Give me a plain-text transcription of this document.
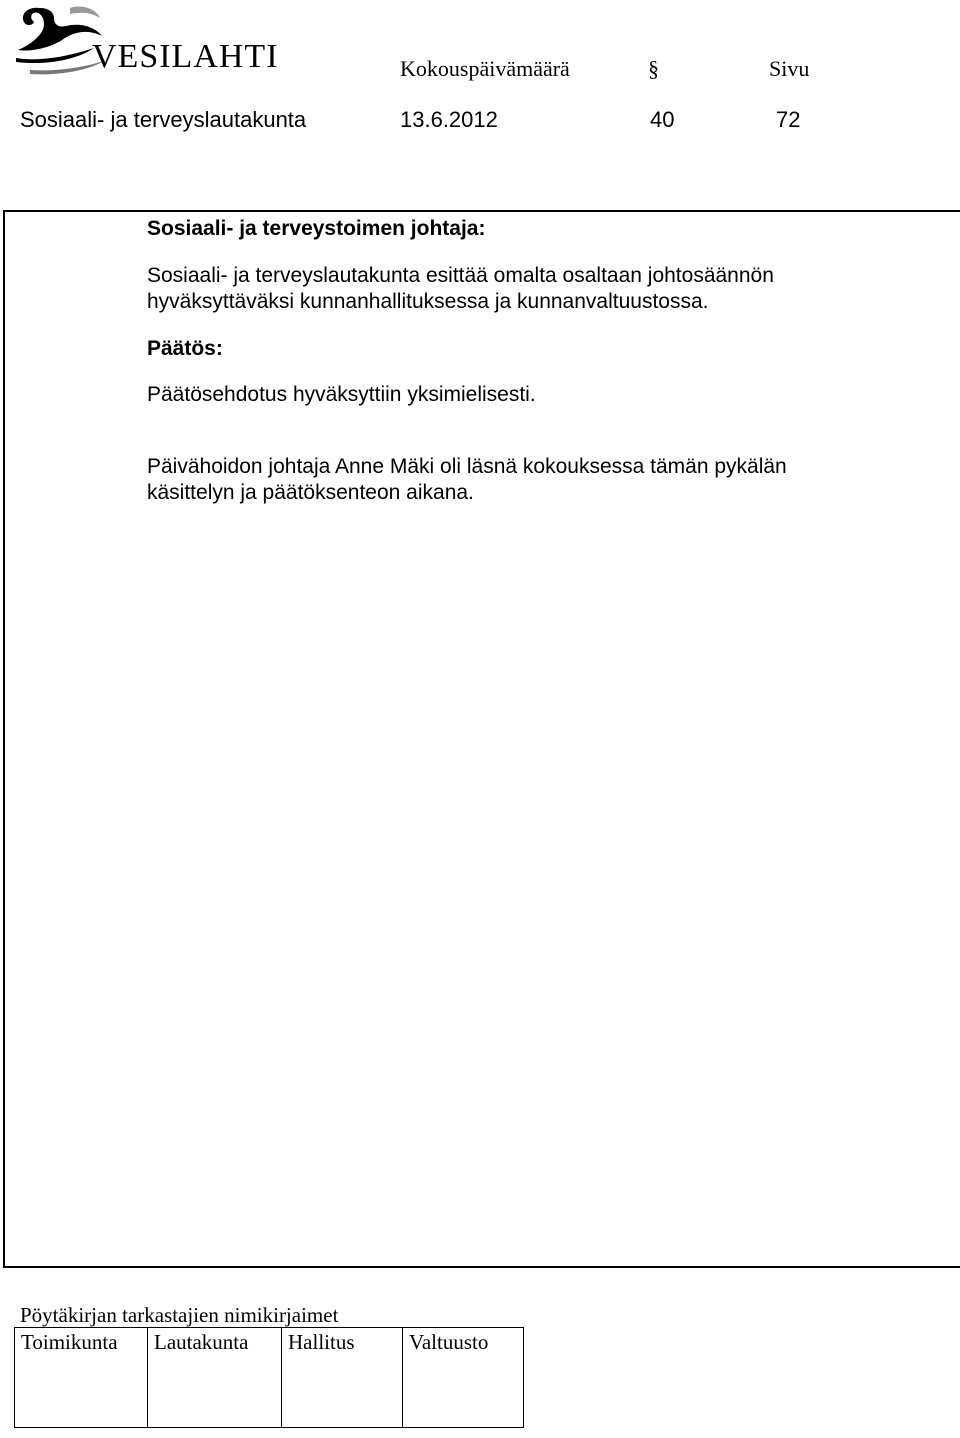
VESILAHTI	Kokouspäivämäärä	§	Sivu
Sosiaali- ja terveyslautakunta	13.6.2012	40	72
Sosiaali- ja terveystoimen johtaja:
Sosiaali- ja terveyslautakunta esittää omalta osaltaan johtosäännön
hyväksyttäväksi kunnanhallituksessa ja kunnanvaltuustossa.
Päätös:
Päätösehdotus hyväksyttiin yksimielisesti.
Päivähoidon johtaja Anne Mäki oli läsnä kokouksessa tämän pykälän
käsittelyn ja päätöksenteon aikana.
Pöytäkirjan tarkastajien nimikirjaimet
Toimikunta	Lautakunta	Hallitus	Valtuusto
